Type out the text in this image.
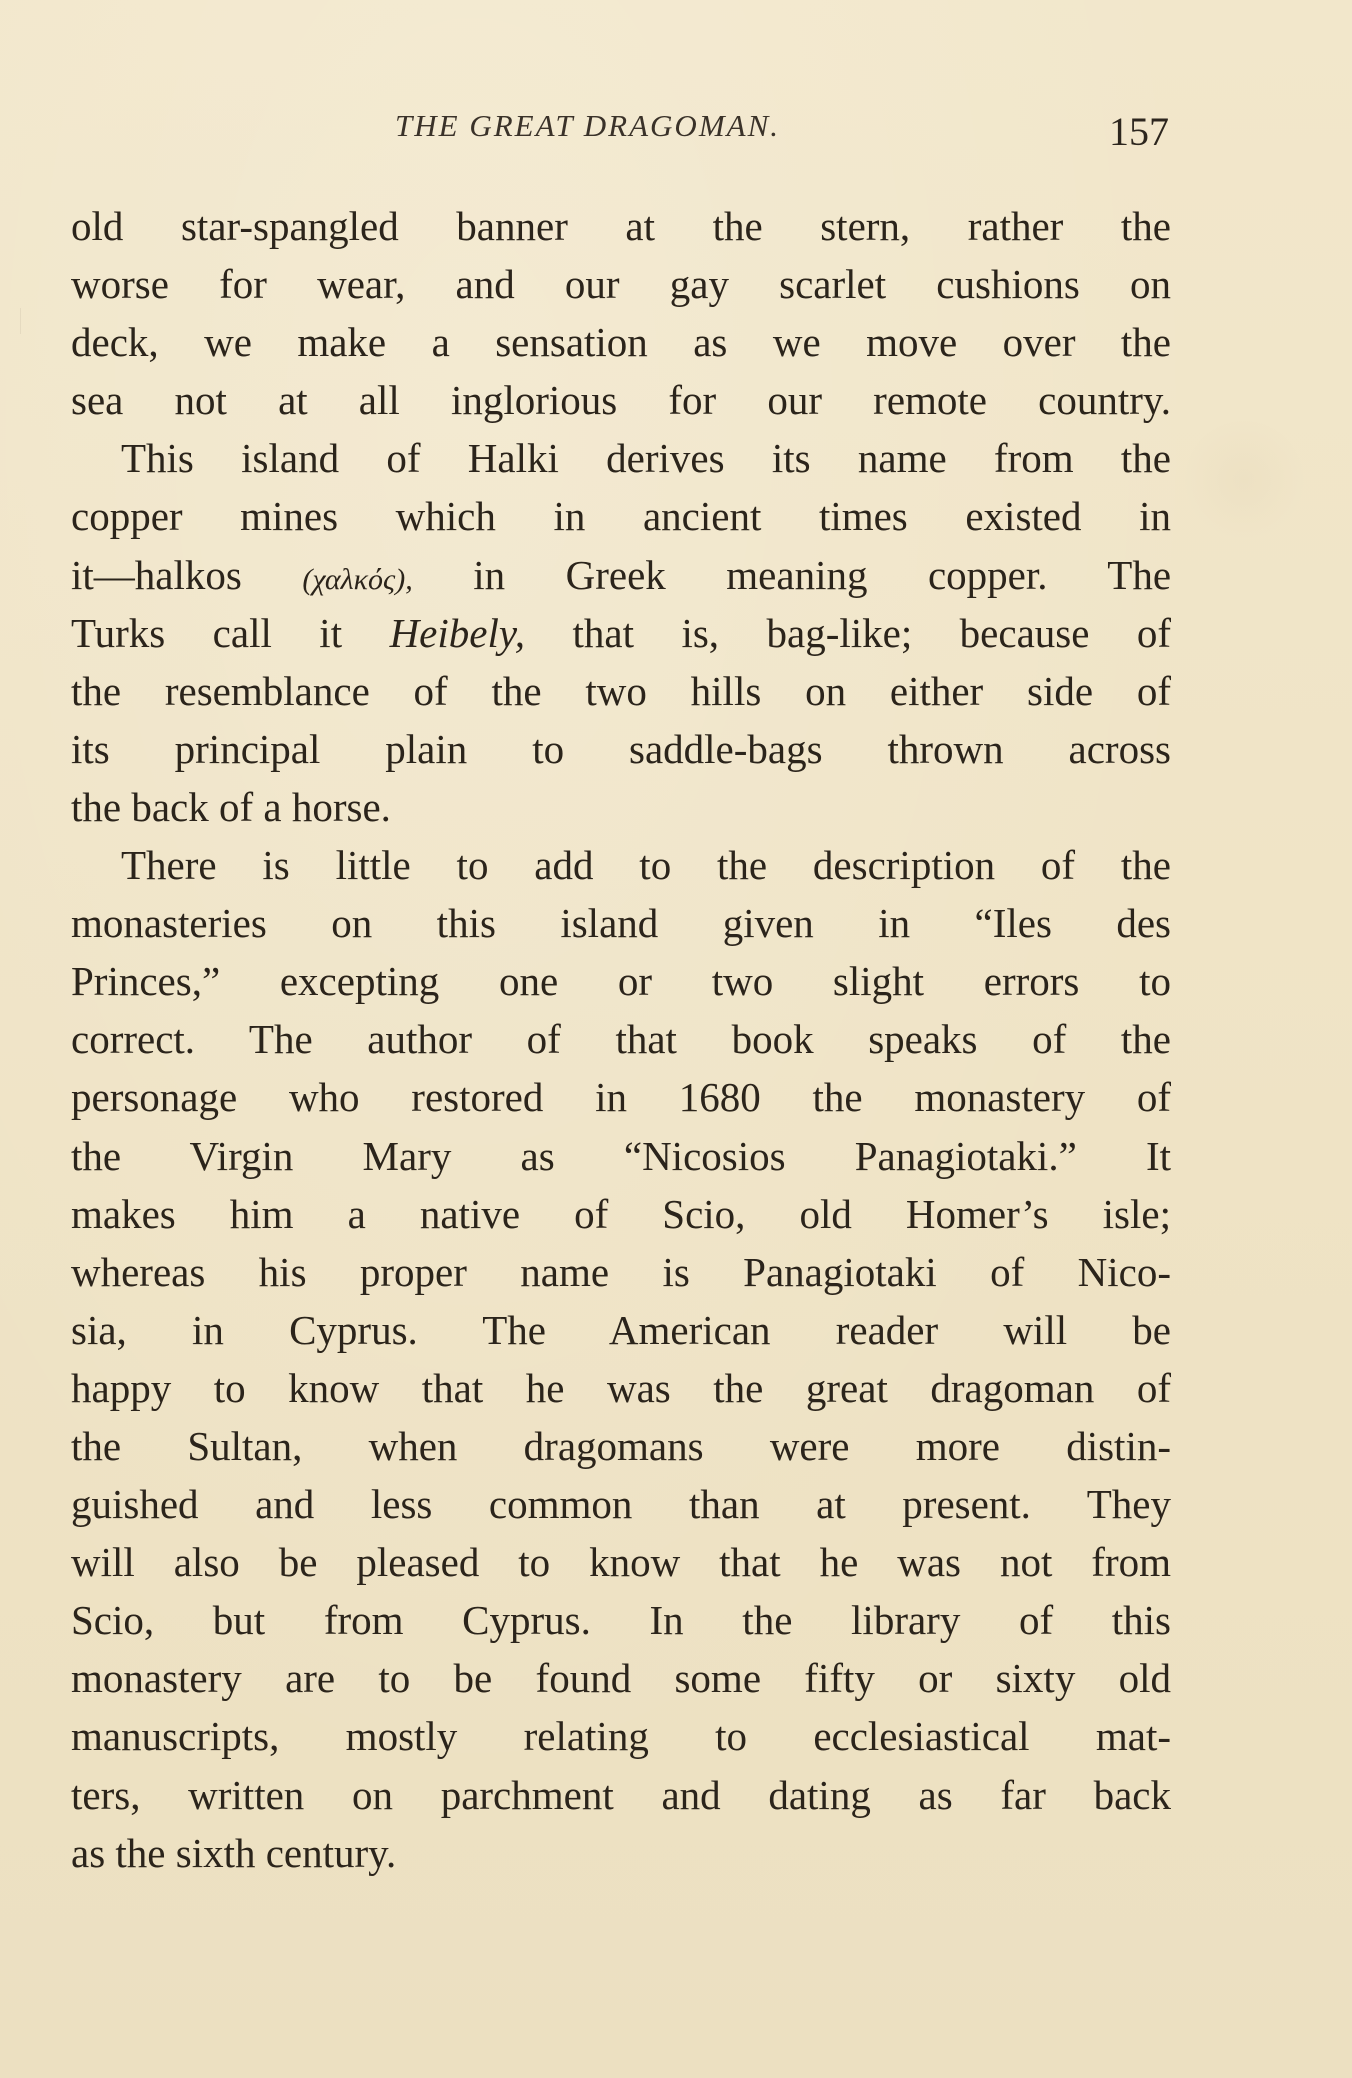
THE GREAT DRAGOMAN.	157
old star-spangled banner at the stern, rather the
worse for wear, and our gay scarlet cushions on
deck, we make a sensation as we move over the
sea not at all inglorious for our remote country.
This island of Halki derives its name from the
copper mines which in ancient times existed in
it—halkos (χαλκός), in Greek meaning copper. The
Turks call it Heibely, that is, bag-like; because of
the resemblance of the two hills on either side of
its principal plain to saddle-bags thrown across
the back of a horse.
There is little to add to the description of the
monasteries on this island given in “Iles des
Princes,” excepting one or two slight errors to
correct. The author of that book speaks of the
personage who restored in 1680 the monastery of
the Virgin Mary as “Nicosios Panagiotaki.” It
makes him a native of Scio, old Homer’s isle;
whereas his proper name is Panagiotaki of Nico-
sia, in Cyprus. The American reader will be
happy to know that he was the great dragoman of
the Sultan, when dragomans were more distin-
guished and less common than at present. They
will also be pleased to know that he was not from
Scio, but from Cyprus. In the library of this
monastery are to be found some fifty or sixty old
manuscripts, mostly relating to ecclesiastical mat-
ters, written on parchment and dating as far back
as the sixth century.
